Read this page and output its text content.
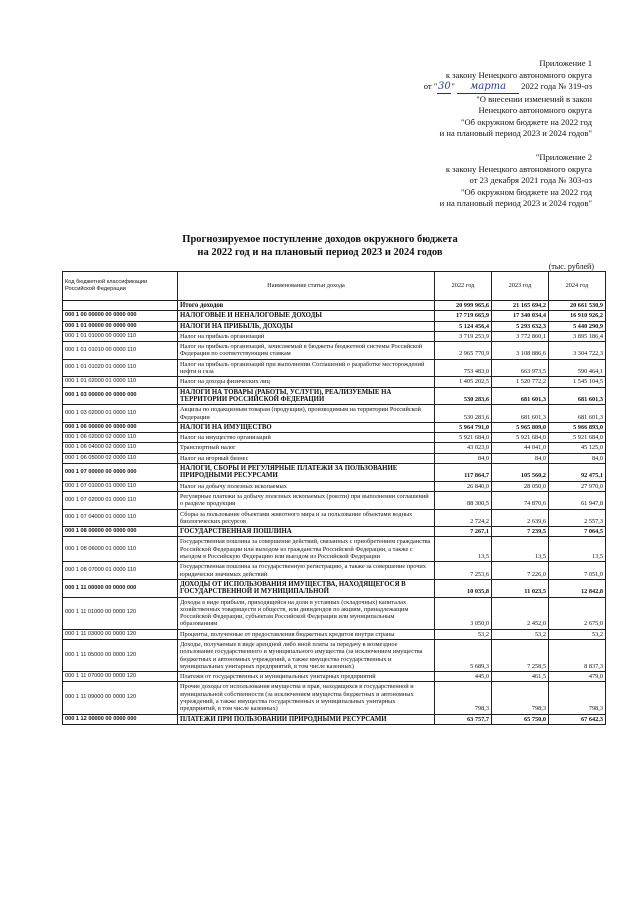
Приложение 1
к закону Ненецкого автономного округа
от "30" марта 2022 года № 319-оз
"О внесении изменений в закон
Ненецкого автономного округа
"Об окружном бюджете на 2022 год
и на плановый период 2023 и 2024 годов"
"Приложение 2
к закону Ненецкого автономного округа
от 23 декабря 2021 года № 303-оз
"Об окружном бюджете на 2022 год
и на плановый период 2023 и 2024 годов"
Прогнозируемое поступление доходов окружного бюджета
на 2022 год и на плановый период 2023 и 2024 годов
(тыс. рублей)
Код бюджетной классификации Российской Федерации	Наименование статьи дохода	2022 год	2023 год	2024 год
	Итого доходов	20 999 965,6	21 165 694,2	20 661 530,9
000 1 00 00000 00 0000 000	НАЛОГОВЫЕ И НЕНАЛОГОВЫЕ ДОХОДЫ	17 719 665,9	17 340 034,4	16 910 926,2
000 1 01 00000 00 0000 000	НАЛОГИ НА ПРИБЫЛЬ, ДОХОДЫ	5 124 456,4	5 293 632,3	5 440 290,9
000 1 01 01000 00 0000 110	Налог на прибыль организаций	3 719 253,9	3 772 860,1	3 895 186,4
000 1 01 01010 00 0000 110	Налог на прибыль организаций, зачисляемый в бюджеты бюджетной системы Российской Федерации по соответствующим ставкам	2 965 770,9	3 108 886,6	3 304 722,3
000 1 01 01020 01 0000 110	Налог на прибыль организаций при выполнении Соглашений о разработке месторождений нефти и газа	753 483,0	663 973,5	590 464,1
000 1 01 02000 01 0000 110	Налог на доходы физических лиц	1 405 202,5	1 520 772,2	1 545 104,5
000 1 03 00000 00 0000 000	НАЛОГИ НА ТОВАРЫ (РАБОТЫ, УСЛУГИ), РЕАЛИЗУЕМЫЕ НА ТЕРРИТОРИИ РОССИЙСКОЙ ФЕДЕРАЦИИ	530 283,6	681 601,3	681 601,3
000 1 03 02000 01 0000 110	Акцизы по подакцизным товарам (продукции), производимым на территории Российской Федерации	530 283,6	681 601,3	681 601,3
000 1 06 00000 00 0000 000	НАЛОГИ НА ИМУЩЕСТВО	5 964 791,0	5 965 809,0	5 966 893,0
000 1 06 02000 02 0000 110	Налог на имущество организаций	5 921 684,0	5 921 684,0	5 921 684,0
000 1 06 04000 02 0000 110	Транспортный налог	43 023,0	44 041,0	45 125,0
000 1 06 05000 02 0000 110	Налог на игорный бизнес	84,0	84,0	84,0
000 1 07 00000 00 0000 000	НАЛОГИ, СБОРЫ И РЕГУЛЯРНЫЕ ПЛАТЕЖИ ЗА ПОЛЬЗОВАНИЕ ПРИРОДНЫМИ РЕСУРСАМИ	117 864,7	105 560,2	92 475,1
000 1 07 01000 01 0000 110	Налог на добычу полезных ископаемых	26 840,0	28 050,0	27 970,0
000 1 07 02000 01 0000 110	Регулярные платежи за добычу полезных ископаемых (роялти) при выполнении соглашений о разделе продукции	88 300,5	74 870,6	61 947,8
000 1 07 04000 01 0000 110	Сборы за пользование объектами животного мира и за пользование объектами водных биологических ресурсов	2 724,2	2 639,6	2 557,3
000 1 08 00000 00 0000 000	ГОСУДАРСТВЕННАЯ ПОШЛИНА	7 267,1	7 239,5	7 064,5
000 1 08 06000 01 0000 110	Государственная пошлина за совершение действий, связанных с приобретением гражданства Российской Федерации или выходом из гражданства Российской Федерации, а также с въездом в Российскую Федерацию или выездом из Российской Федерации	13,5	13,5	13,5
000 1 08 07000 01 0000 110	Государственная пошлина за государственную регистрацию, а также за совершение прочих юридически значимых действий	7 253,6	7 226,0	7 051,0
000 1 11 00000 00 0000 000	ДОХОДЫ ОТ ИСПОЛЬЗОВАНИЯ ИМУЩЕСТВА, НАХОДЯЩЕГОСЯ В ГОСУДАРСТВЕННОЙ И МУНИЦИПАЛЬНОЙ	10 035,8	11 023,5	12 842,8
000 1 11 01000 00 0000 120	Доходы в виде прибыли, приходящейся на доли в уставных (складочных) капиталах хозяйственных товариществ и обществ, или дивидендов по акциям, принадлежащим Российской Федерации, субъектам Российской Федерации или муниципальным образованиям	3 050,0	2 452,0	2 675,0
000 1 11 03000 00 0000 120	Проценты, полученные от предоставления бюджетных кредитов внутри страны	53,2	53,2	53,2
000 1 11 05000 00 0000 120	Доходы, получаемые в виде арендной либо иной платы за передачу в возмездное пользование государственного и муниципального имущества (за исключением имущества бюджетных и автономных учреждений, а также имущества государственных и муниципальных унитарных предприятий, в том числе казенных)	5 689,3	7 258,5	8 837,3
000 1 11 07000 00 0000 120	Платежи от государственных и муниципальных унитарных предприятий	445,0	461,5	479,0
000 1 11 09000 00 0000 120	Прочие доходы от использования имущества и прав, находящихся в государственной и муниципальной собственности (за исключением имущества бюджетных и автономных учреждений, а также имущества государственных и муниципальных унитарных предприятий, в том числе казенных)	798,3	798,3	798,3
000 1 12 00000 00 0000 000	ПЛАТЕЖИ ПРИ ПОЛЬЗОВАНИИ ПРИРОДНЫМИ РЕСУРСАМИ	63 757,7	65 750,0	67 642,3
